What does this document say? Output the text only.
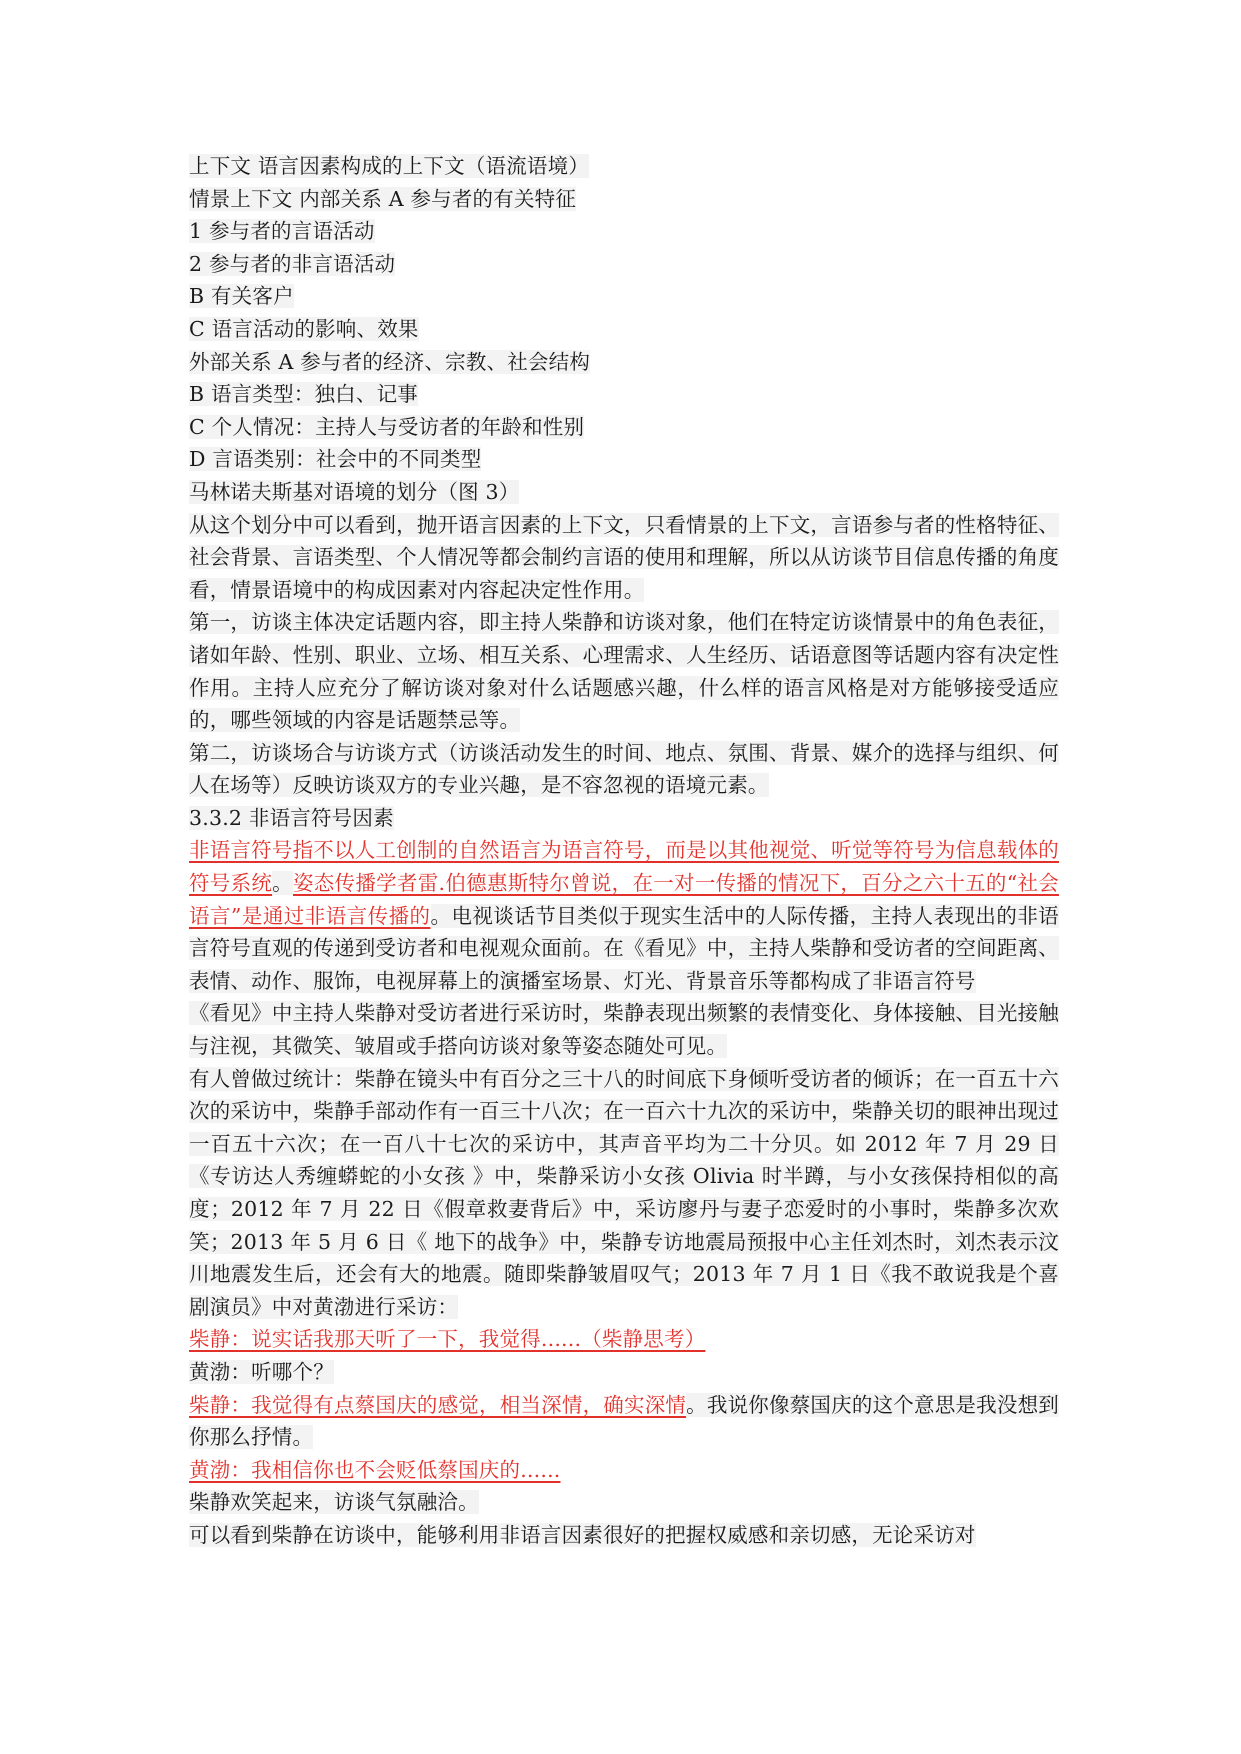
上下文 语言因素构成的上下文（语流语境）
情景上下文 内部关系 A 参与者的有关特征
1 参与者的言语活动
2 参与者的非言语活动
B 有关客户
C 语言活动的影响、效果
外部关系 A 参与者的经济、宗教、社会结构
B 语言类型：独白、记事
C 个人情况：主持人与受访者的年龄和性别
D 言语类别：社会中的不同类型
马林诺夫斯基对语境的划分（图 3）
从这个划分中可以看到，抛开语言因素的上下文，只看情景的上下文，言语参与者的性格特征、社会背景、言语类型、个人情况等都会制约言语的使用和理解，所以从访谈节目信息传播的角度看，情景语境中的构成因素对内容起决定性作用。
第一，访谈主体决定话题内容，即主持人柴静和访谈对象，他们在特定访谈情景中的角色表征，诸如年龄、性别、职业、立场、相互关系、心理需求、人生经历、话语意图等话题内容有决定性作用。主持人应充分了解访谈对象对什么话题感兴趣，什么样的语言风格是对方能够接受适应的，哪些领域的内容是话题禁忌等。
第二，访谈场合与访谈方式（访谈活动发生的时间、地点、氛围、背景、媒介的选择与组织、何人在场等）反映访谈双方的专业兴趣，是不容忽视的语境元素。
3.3.2 非语言符号因素
非语言符号指不以人工创制的自然语言为语言符号，而是以其他视觉、听觉等符号为信息载体的符号系统。姿态传播学者雷.伯德惠斯特尔曾说，在一对一传播的情况下，百分之六十五的“社会语言”是通过非语言传播的。电视谈话节目类似于现实生活中的人际传播，主持人表现出的非语言符号直观的传递到受访者和电视观众面前。在《看见》中，主持人柴静和受访者的空间距离、表情、动作、服饰，电视屏幕上的演播室场景、灯光、背景音乐等都构成了非语言符号
《看见》中主持人柴静对受访者进行采访时，柴静表现出频繁的表情变化、身体接触、目光接触与注视，其微笑、皱眉或手搭向访谈对象等姿态随处可见。
有人曾做过统计：柴静在镜头中有百分之三十八的时间底下身倾听受访者的倾诉；在一百五十六次的采访中，柴静手部动作有一百三十八次；在一百六十九次的采访中，柴静关切的眼神出现过一百五十六次；在一百八十七次的采访中，其声音平均为二十分贝。如 2012 年 7 月 29 日《专访达人秀缠蟒蛇的小女孩 》中，柴静采访小女孩 Olivia 时半蹲，与小女孩保持相似的高度；2012 年 7 月 22 日《假章救妻背后》中，采访廖丹与妻子恋爱时的小事时，柴静多次欢笑；2013 年 5 月 6 日《 地下的战争》中，柴静专访地震局预报中心主任刘杰时，刘杰表示汶川地震发生后，还会有大的地震。随即柴静皱眉叹气；2013 年 7 月 1 日《我不敢说我是个喜剧演员》中对黄渤进行采访：
柴静：说实话我那天听了一下，我觉得......（柴静思考）
黄渤：听哪个？
柴静：我觉得有点蔡国庆的感觉，相当深情，确实深情。我说你像蔡国庆的这个意思是我没想到你那么抒情。
黄渤：我相信你也不会贬低蔡国庆的......
柴静欢笑起来，访谈气氛融洽。
可以看到柴静在访谈中，能够利用非语言因素很好的把握权威感和亲切感，无论采访对
